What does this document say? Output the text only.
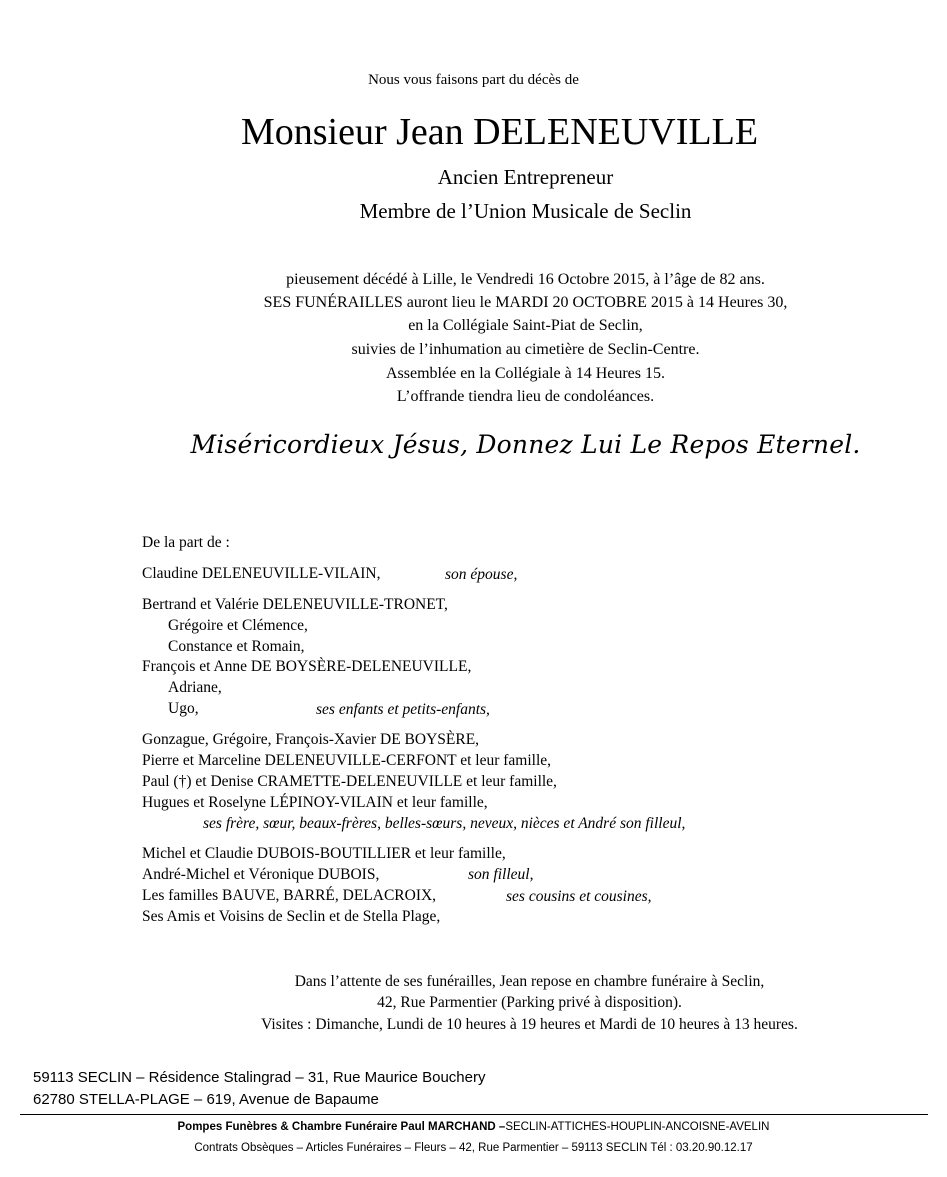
Nous vous faisons part du décès de
Monsieur Jean DELENEUVILLE
Ancien Entrepreneur
Membre de l’Union Musicale de Seclin
pieusement décédé à Lille, le Vendredi 16 Octobre 2015, à l’âge de 82 ans.
SES FUNÉRAILLES auront lieu le MARDI 20 OCTOBRE 2015 à 14 Heures 30,
en la Collégiale Saint-Piat de Seclin,
suivies de l’inhumation au cimetière de Seclin-Centre.
Assemblée en la Collégiale à 14 Heures 15.
L’offrande tiendra lieu de condoléances.
Miséricordieux Jésus, Donnez Lui Le Repos Eternel.
De la part de :
Claudine DELENEUVILLE-VILAIN,	son épouse,
Bertrand et Valérie DELENEUVILLE-TRONET,
Grégoire et Clémence,
Constance et Romain,
François et Anne DE BOYSÈRE-DELENEUVILLE,
Adriane,
Ugo,	ses enfants et petits-enfants,
Gonzague, Grégoire, François-Xavier DE BOYSÈRE,
Pierre et Marceline DELENEUVILLE-CERFONT et leur famille,
Paul (†) et Denise CRAMETTE-DELENEUVILLE et leur famille,
Hugues et Roselyne LÉPINOY-VILAIN et leur famille,
ses frère, sœur, beaux-frères, belles-sœurs, neveux, nièces et André son filleul,
Michel et Claudie DUBOIS-BOUTILLIER et leur famille,
André-Michel et Véronique DUBOIS,	son filleul,
Les familles BAUVE, BARRÉ, DELACROIX,	ses cousins et cousines,
Ses Amis et Voisins de Seclin et de Stella Plage,
Dans l’attente de ses funérailles, Jean repose en chambre funéraire à Seclin,
42, Rue Parmentier (Parking privé à disposition).
Visites : Dimanche, Lundi de 10 heures à 19 heures et Mardi de 10 heures à 13 heures.
59113 SECLIN – Résidence Stalingrad – 31, Rue Maurice Bouchery
62780 STELLA-PLAGE – 619, Avenue de Bapaume
Pompes Funèbres & Chambre Funéraire Paul MARCHAND –SECLIN-ATTICHES-HOUPLIN-ANCOISNE-AVELIN
Contrats Obsèques – Articles Funéraires – Fleurs – 42, Rue Parmentier – 59113 SECLIN Tél : 03.20.90.12.17
